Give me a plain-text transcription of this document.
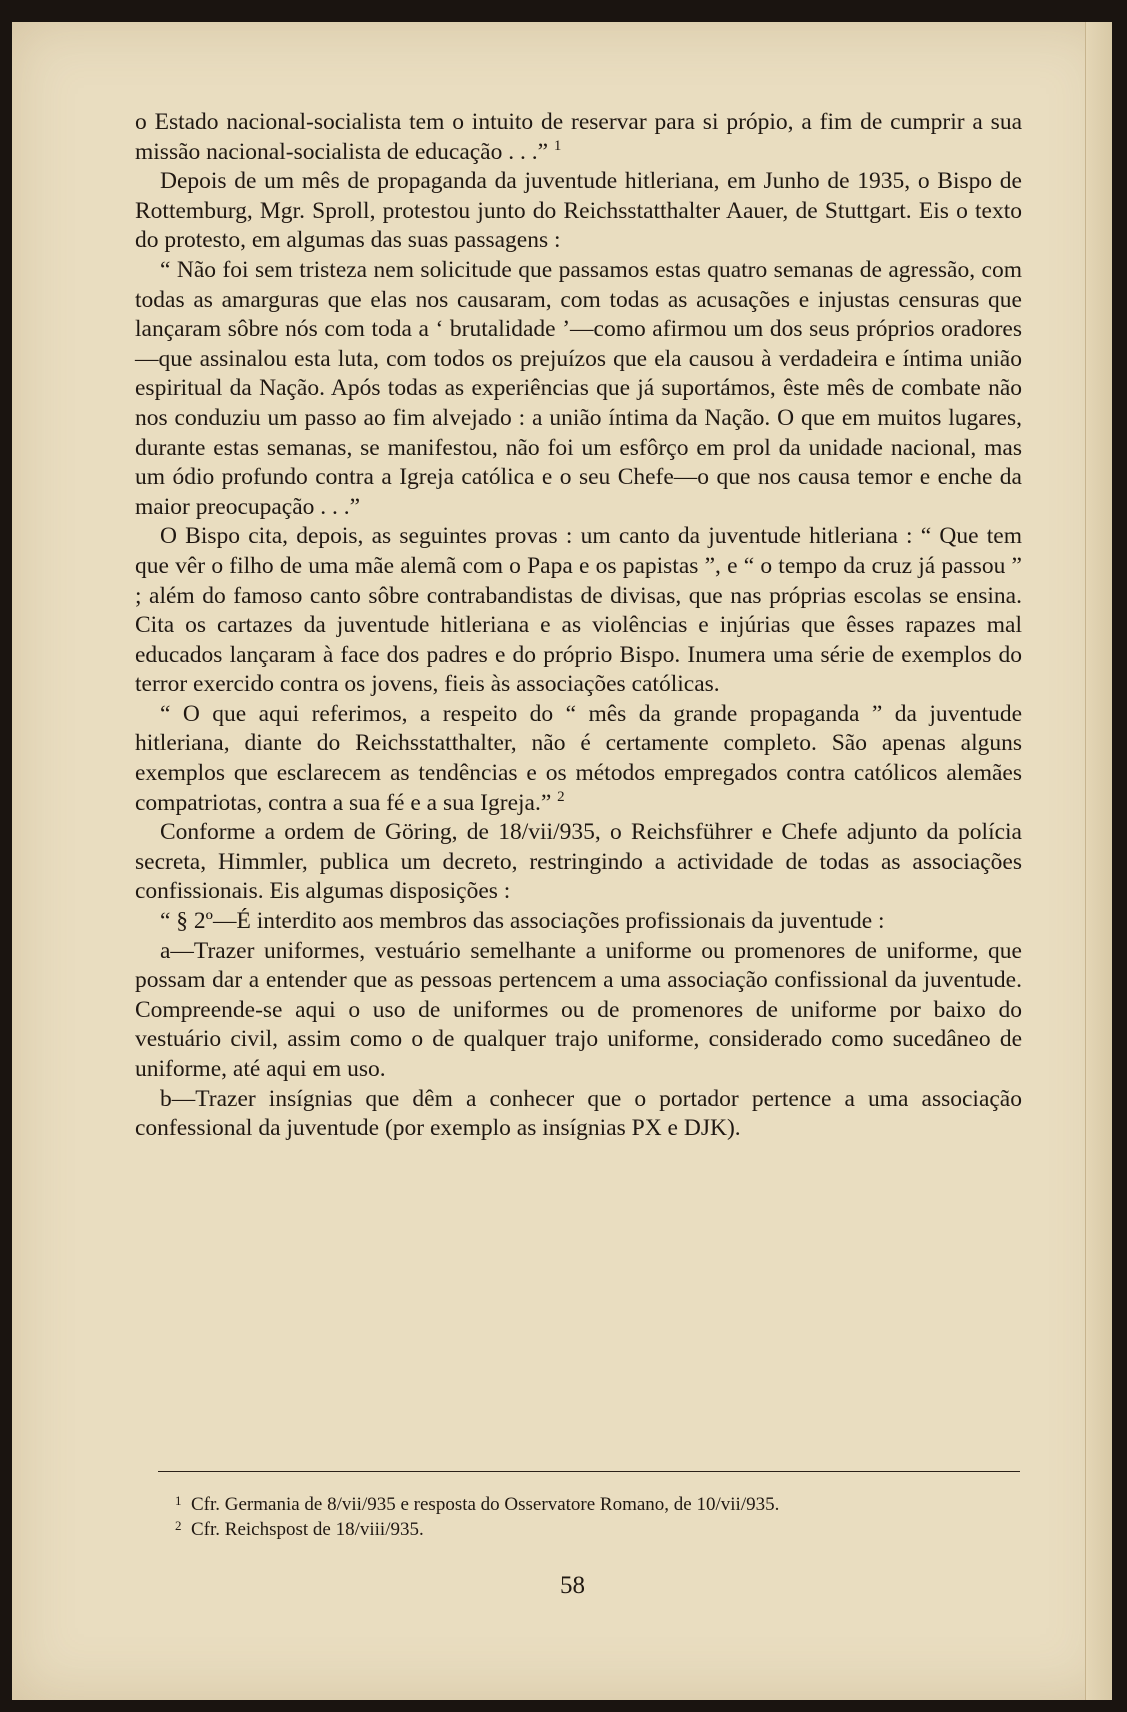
o Estado nacional-socialista tem o intuito de reservar para si própio, a fim de cumprir a sua missão nacional-socialista de educação . . .” $^1$

Depois de um mês de propaganda da juventude hitleriana, em Junho de 1935, o Bispo de Rottemburg, Mgr. Sproll, protestou junto do Reichsstatthalter Aauer, de Stuttgart. Eis o texto do protesto, em algumas das suas passagens :

“ Não foi sem tristeza nem solicitude que passamos estas quatro semanas de agressão, com todas as amarguras que elas nos causaram, com todas as acusações e injustas censuras que lançaram sôbre nós com toda a ‘ brutalidade ’—como afirmou um dos seus próprios oradores—que assinalou esta luta, com todos os prejuízos que ela causou à verdadeira e íntima união espiritual da Nação. Após todas as experiências que já suportámos, êste mês de combate não nos conduziu um passo ao fim alvejado : a união íntima da Nação. O que em muitos lugares, durante estas semanas, se manifestou, não foi um esfôrço em prol da unidade nacional, mas um ódio profundo contra a Igreja católica e o seu Chefe—o que nos causa temor e enche da maior preocupação . . .”

O Bispo cita, depois, as seguintes provas : um canto da juventude hitleriana : “ Que tem que vêr o filho de uma mãe alemã com o Papa e os papistas ”, e “ o tempo da cruz já passou ” ; além do famoso canto sôbre contrabandistas de divisas, que nas próprias escolas se ensina. Cita os cartazes da juventude hitleriana e as violências e injúrias que êsses rapazes mal educados lançaram à face dos padres e do próprio Bispo. Inumera uma série de exemplos do terror exercido contra os jovens, fieis às associações católicas.

“ O que aqui referimos, a respeito do “ mês da grande propaganda ” da juventude hitleriana, diante do Reichsstatthalter, não é certamente completo. São apenas alguns exemplos que esclarecem as tendências e os métodos empregados contra católicos alemães compatriotas, contra a sua fé e a sua Igreja.” $^2$

Conforme a ordem de Göring, de 18/vii/935, o Reichsführer e Chefe adjunto da polícia secreta, Himmler, publica um decreto, restringindo a actividade de todas as associações confissionais. Eis algumas disposições :

“ § 2º—É interdito aos membros das associações profissionais da juventude :

a—Trazer uniformes, vestuário semelhante a uniforme ou promenores de uniforme, que possam dar a entender que as pessoas pertencem a uma associação confissional da juventude. Compreende-se aqui o uso de uniformes ou de promenores de uniforme por baixo do vestuário civil, assim como o de qualquer trajo uniforme, considerado como sucedâneo de uniforme, até aqui em uso.

b—Trazer insígnias que dêm a conhecer que o portador pertence a uma associação confessional da juventude (por exemplo as insígnias PX e DJK).

1 Cfr. Germania de 8/vii/935 e resposta do Osservatore Romano, de 10/vii/935.
2 Cfr. Reichspost de 18/viii/935.
58
